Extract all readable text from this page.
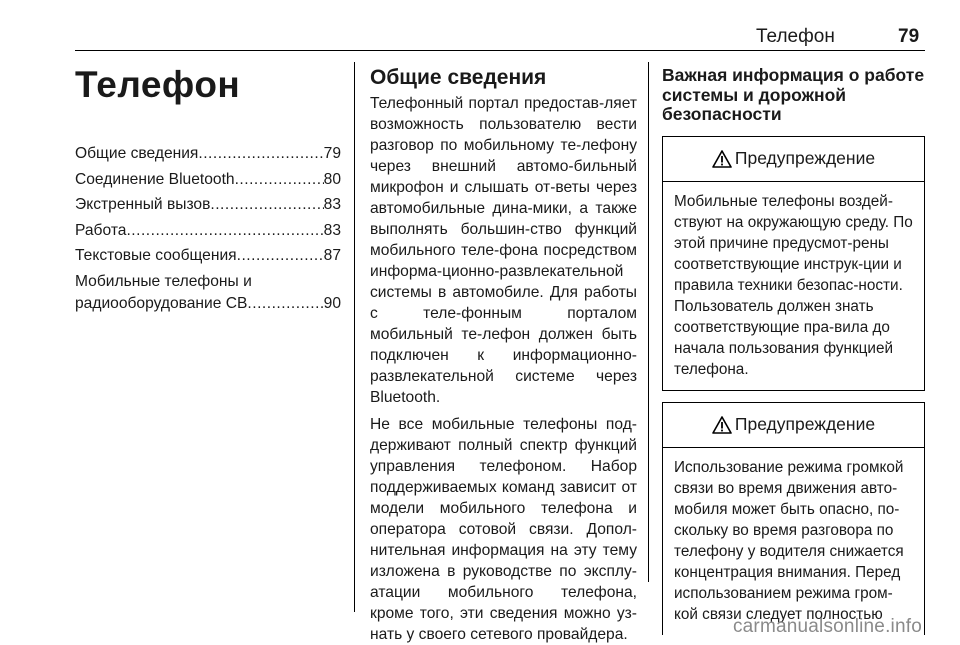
Телефон	79
Телефон
Общие сведения .....	79
Соединение Bluetooth .....	80
Экстренный вызов .....	83
Работа .....	83
Текстовые сообщения .....	87
Мобильные телефоны и
радиооборудование CB .....	90
Общие сведения

Телефонный портал предостав-ляет возможность пользователю вести разговор по мобильному те-лефону через внешний автомо-бильный микрофон и слышать от-веты через автомобильные дина-мики, а также выполнять большин-ство функций мобильного теле-фона посредством информа-ционно-развлекательной системы в автомобиле. Для работы с теле-фонным порталом мобильный те-лефон должен быть подключен к информационно-развлекательной системе через Bluetooth.

Не все мобильные телефоны под-держивают полный спектр функций управления телефоном. Набор поддерживаемых команд зависит от модели мобильного телефона и оператора сотовой связи. Допол-нительная информация на эту тему изложена в руководстве по эксплу-атации мобильного телефона, кроме того, эти сведения можно уз-нать у своего сетевого провайдера.

Важная информация о работе системы и дорожной безопасности
Предупреждение
Мобильные телефоны воздей-ствуют на окружающую среду. По этой причине предусмот-рены соответствующие инструк-ции и правила техники безопас-ности. Пользователь должен знать соответствующие пра-вила до начала пользования функцией телефона.
Предупреждение
Использование режима громкой связи во время движения авто-мобиля может быть опасно, по-скольку во время разговора по телефону у водителя снижается концентрация внимания. Перед использованием режима гром-кой связи следует полностью
carmanualsonline.info
